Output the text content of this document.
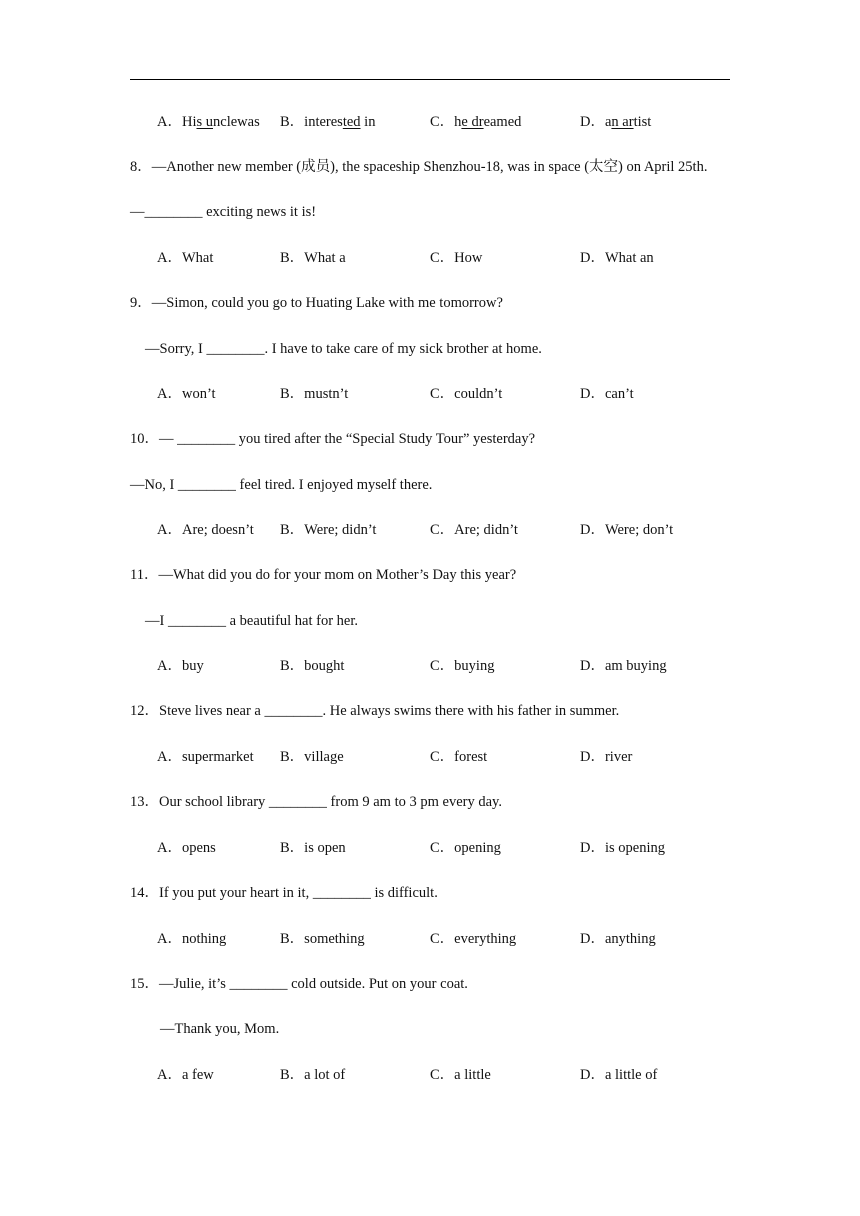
A．His unclewas B．interested in	C．he dreamed	D．an artist
8．—Another new member (成员), the spaceship Shenzhou-18, was in space (太空) on April 25th.
—________ exciting news it is!
A．What	B．What a	C．How	D．What an
9．—Simon, could you go to Huating Lake with me tomorrow?
—Sorry, I ________. I have to take care of my sick brother at home.
A．won’t	B．mustn’t	C．couldn’t	D．can’t
10．— ________ you tired after the “Special Study Tour” yesterday?
—No, I ________ feel tired. I enjoyed myself there.
A．Are; doesn’t B．Were; didn’t	C．Are; didn’t	D．Were; don’t
11．—What did you do for your mom on Mother’s Day this year?
—I ________ a beautiful hat for her.
A．buy	B．bought	C．buying	D．am buying
12．Steve lives near a ________. He always swims there with his father in summer.
A．supermarket B．village	C．forest	D．river
13．Our school library ________ from 9 am to 3 pm every day.
A．opens	B．is open	C．opening	D．is opening
14．If you put your heart in it, ________ is difficult.
A．nothing	B．something	C．everything	D．anything
15．—Julie, it’s ________ cold outside. Put on your coat.
—Thank you, Mom.
A．a few	B．a lot of	C．a little	D．a little of
